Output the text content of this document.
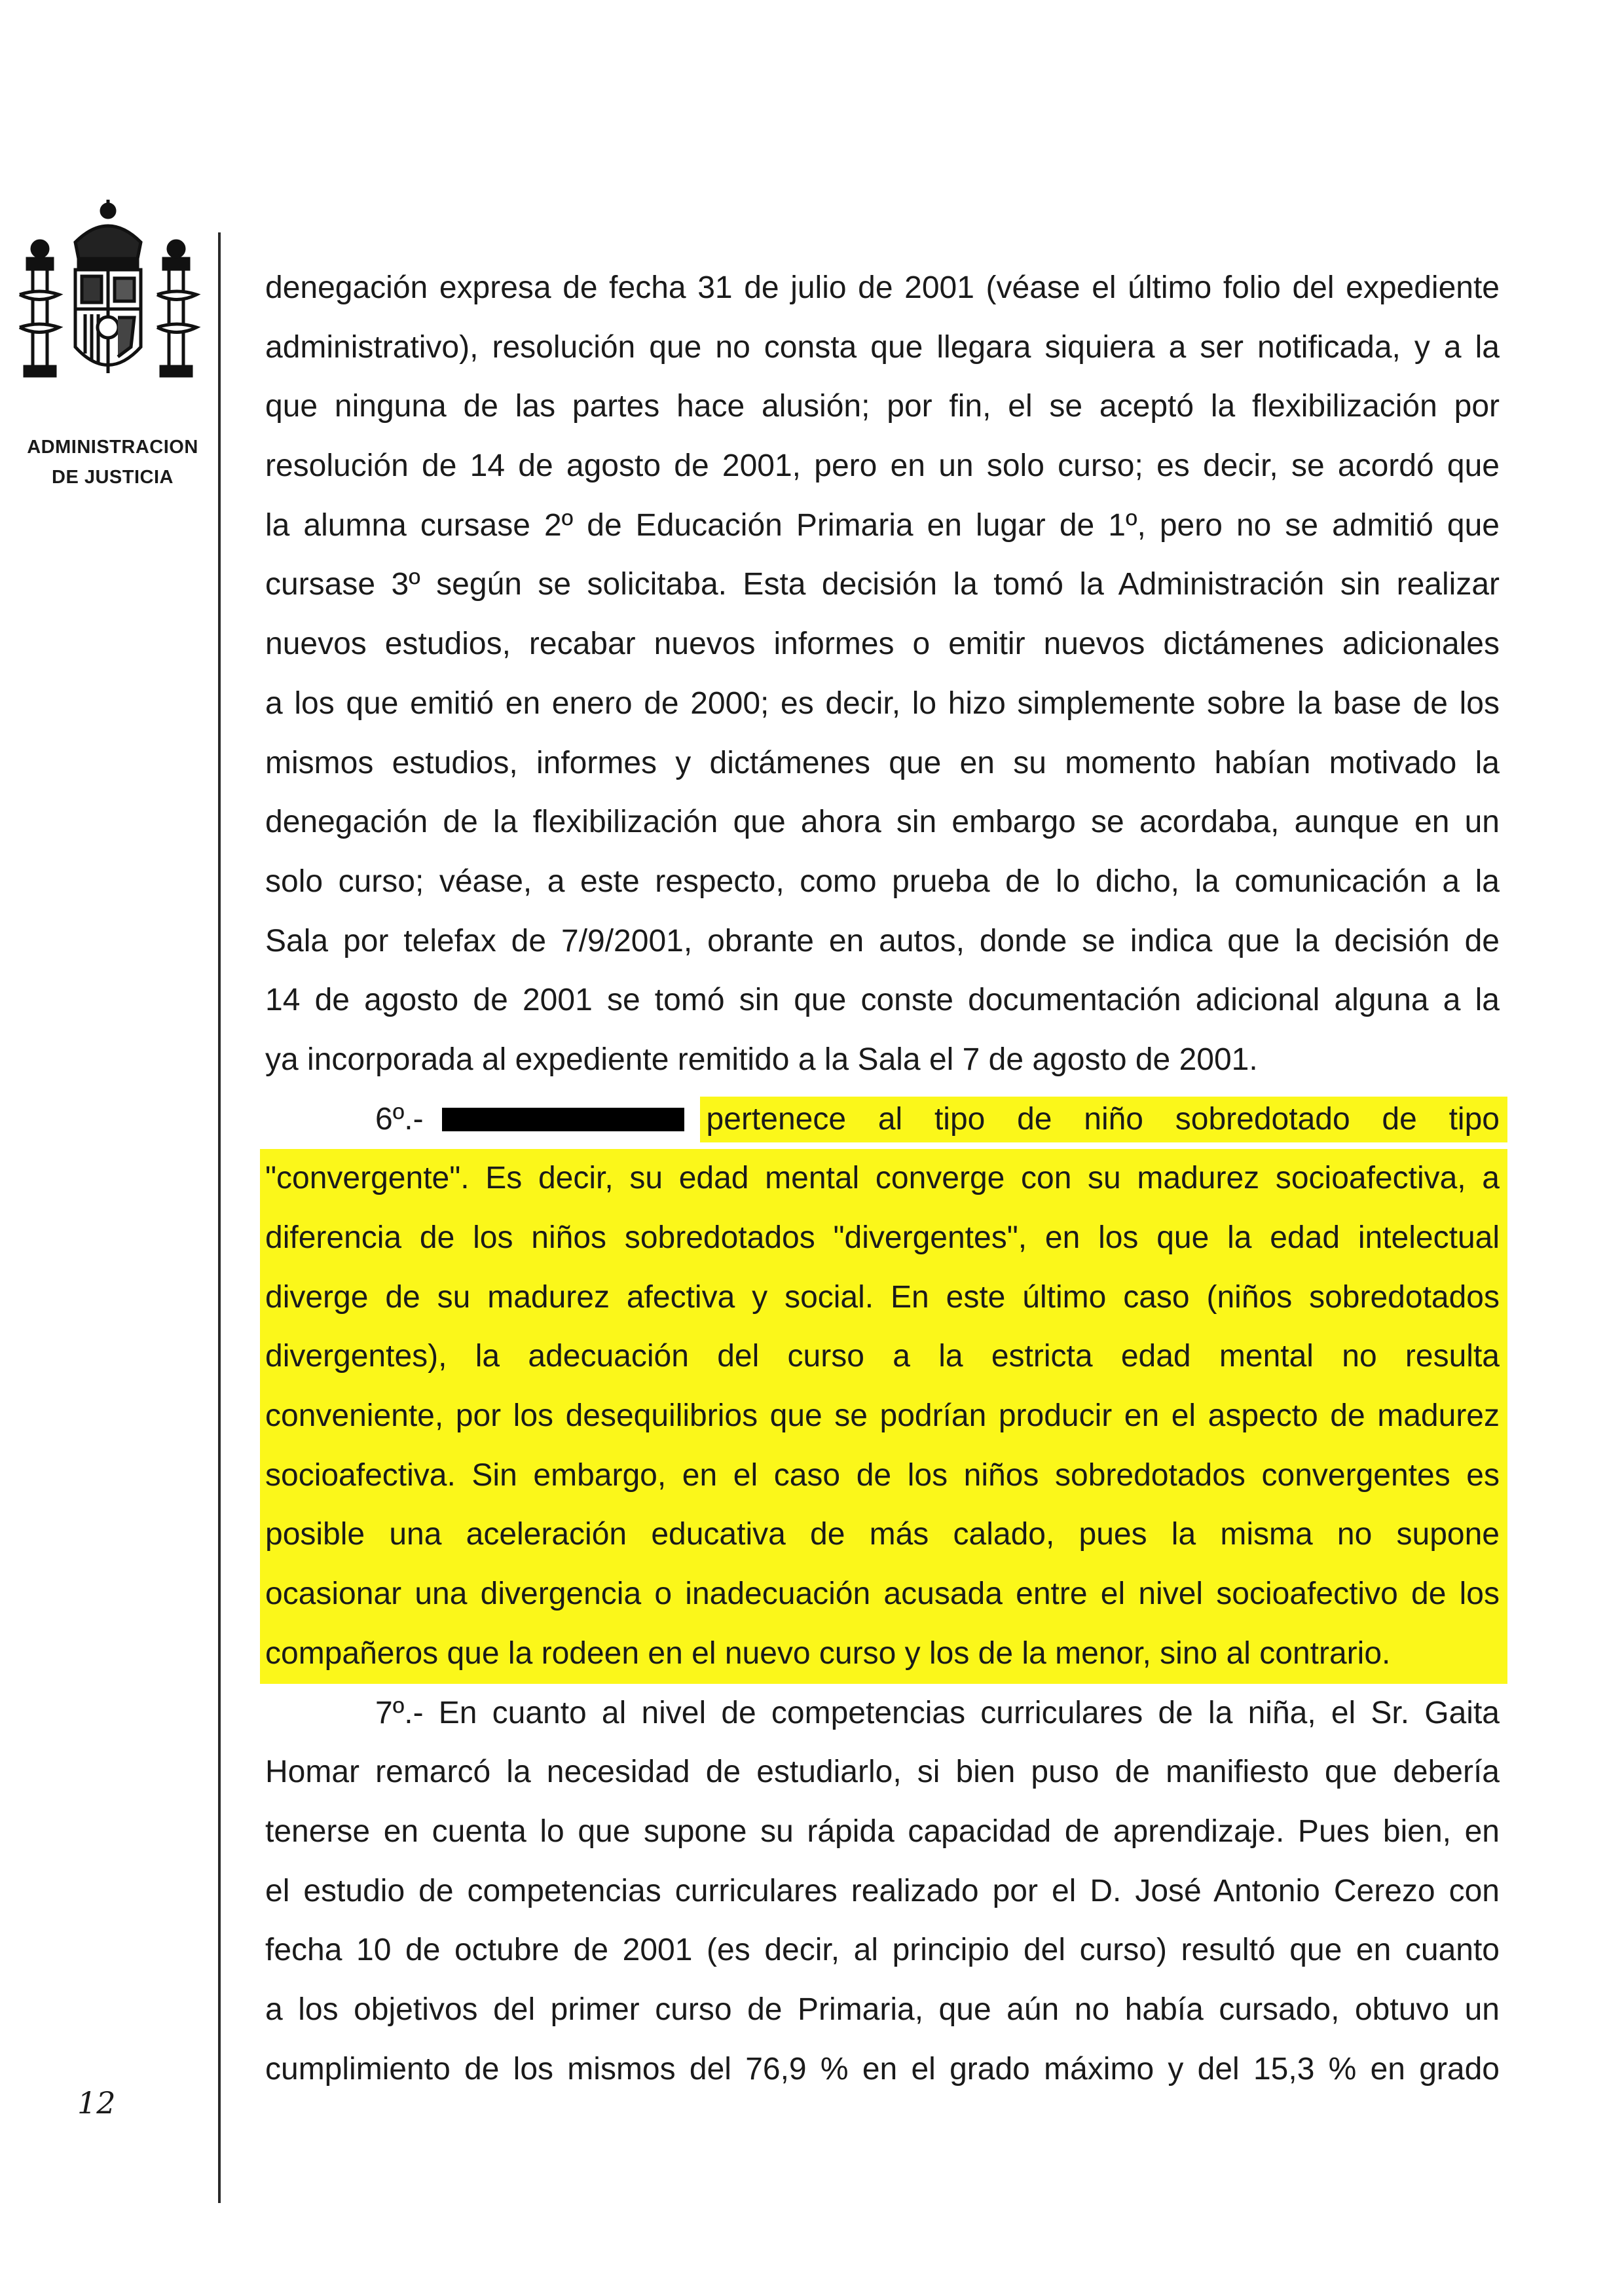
ADMINISTRACION
DE JUSTICIA
12
denegación expresa de fecha 31 de julio de 2001 (véase el último folio del expediente
administrativo), resolución que no consta que llegara siquiera a ser notificada, y a la
que ninguna de las partes hace alusión; por fin, el se aceptó la flexibilización por
resolución de 14 de agosto de 2001, pero en un solo curso; es decir, se acordó que
la alumna cursase 2º de Educación Primaria en lugar de 1º, pero no se admitió que
cursase 3º según se solicitaba. Esta decisión la tomó la Administración sin realizar
nuevos estudios, recabar nuevos informes o emitir nuevos dictámenes adicionales
a los que emitió en enero de 2000; es decir, lo hizo simplemente sobre la base de los
mismos estudios, informes y dictámenes que en su momento habían motivado la
denegación de la flexibilización que ahora sin embargo se acordaba, aunque en un
solo curso; véase, a este respecto, como prueba de lo dicho, la comunicación a la
Sala por telefax de 7/9/2001, obrante en autos, donde se indica que la decisión de
14 de agosto de 2001 se tomó sin que conste documentación adicional alguna a la
ya incorporada al expediente remitido a la Sala el 7 de agosto de 2001.
6º.-	pertenece al tipo de niño sobredotado de tipo
"convergente". Es decir, su edad mental converge con su madurez socioafectiva, a
diferencia de los niños sobredotados "divergentes", en los que la edad intelectual
diverge de su madurez afectiva y social. En este último caso (niños sobredotados
divergentes), la adecuación del curso a la estricta edad mental no resulta
conveniente, por los desequilibrios que se podrían producir en el aspecto de madurez
socioafectiva. Sin embargo, en el caso de los niños sobredotados convergentes es
posible una aceleración educativa de más calado, pues la misma no supone
ocasionar una divergencia o inadecuación acusada entre el nivel socioafectivo de los
compañeros que la rodeen en el nuevo curso y los de la menor, sino al contrario.
7º.- En cuanto al nivel de competencias curriculares de la niña, el Sr. Gaita
Homar remarcó la necesidad de estudiarlo, si bien puso de manifiesto que debería
tenerse en cuenta lo que supone su rápida capacidad de aprendizaje. Pues bien, en
el estudio de competencias curriculares realizado por el D. José Antonio Cerezo con
fecha 10 de octubre de 2001 (es decir, al principio del curso) resultó que en cuanto
a los objetivos del primer curso de Primaria, que aún no había cursado, obtuvo un
cumplimiento de los mismos del 76,9 % en el grado máximo y del 15,3 % en grado
